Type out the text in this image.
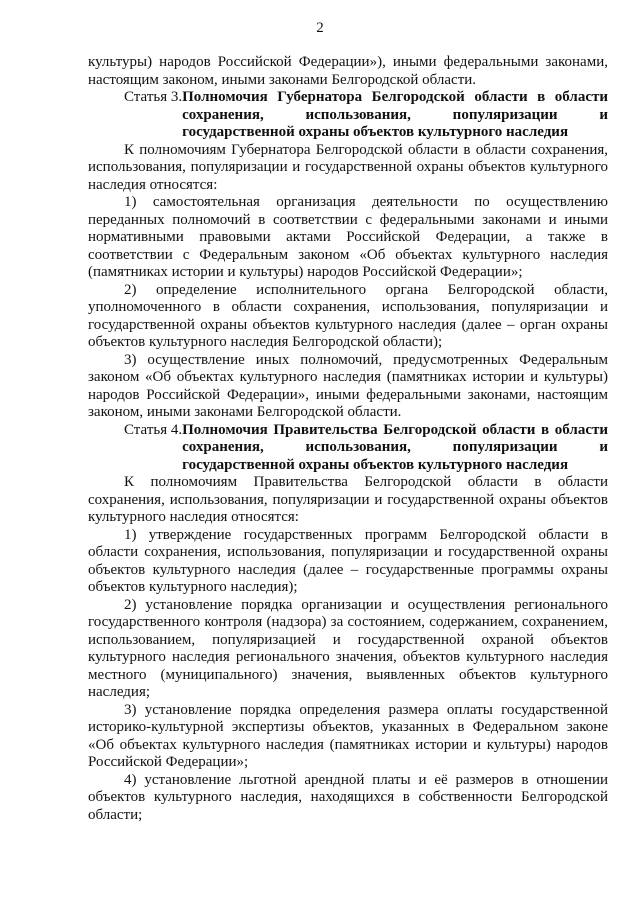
2

культуры) народов Российской Федерации»), иными федеральными законами, настоящим законом, иными законами Белгородской области.

Статья 3. Полномочия Губернатора Белгородской области в области сохранения, использования, популяризации и государственной охраны объектов культурного наследия

К полномочиям Губернатора Белгородской области в области сохранения, использования, популяризации и государственной охраны объектов культурного наследия относятся:

1) самостоятельная организация деятельности по осуществлению переданных полномочий в соответствии с федеральными законами и иными нормативными правовыми актами Российской Федерации, а также в соответствии с Федеральным законом «Об объектах культурного наследия (памятниках истории и культуры) народов Российской Федерации»;

2) определение исполнительного органа Белгородской области, уполномоченного в области сохранения, использования, популяризации и государственной охраны объектов культурного наследия (далее – орган охраны объектов культурного наследия Белгородской области);

3) осуществление иных полномочий, предусмотренных Федеральным законом «Об объектах культурного наследия (памятниках истории и культуры) народов Российской Федерации», иными федеральными законами, настоящим законом, иными законами Белгородской области.

Статья 4. Полномочия Правительства Белгородской области в области сохранения, использования, популяризации и государственной охраны объектов культурного наследия

К полномочиям Правительства Белгородской области в области сохранения, использования, популяризации и государственной охраны объектов культурного наследия относятся:

1) утверждение государственных программ Белгородской области в области сохранения, использования, популяризации и государственной охраны объектов культурного наследия (далее – государственные программы охраны объектов культурного наследия);

2) установление порядка организации и осуществления регионального государственного контроля (надзора) за состоянием, содержанием, сохранением, использованием, популяризацией и государственной охраной объектов культурного наследия регионального значения, объектов культурного наследия местного (муниципального) значения, выявленных объектов культурного наследия;

3) установление порядка определения размера оплаты государственной историко-культурной экспертизы объектов, указанных в Федеральном законе «Об объектах культурного наследия (памятниках истории и культуры) народов Российской Федерации»;

4) установление льготной арендной платы и её размеров в отношении объектов культурного наследия, находящихся в собственности Белгородской области;
